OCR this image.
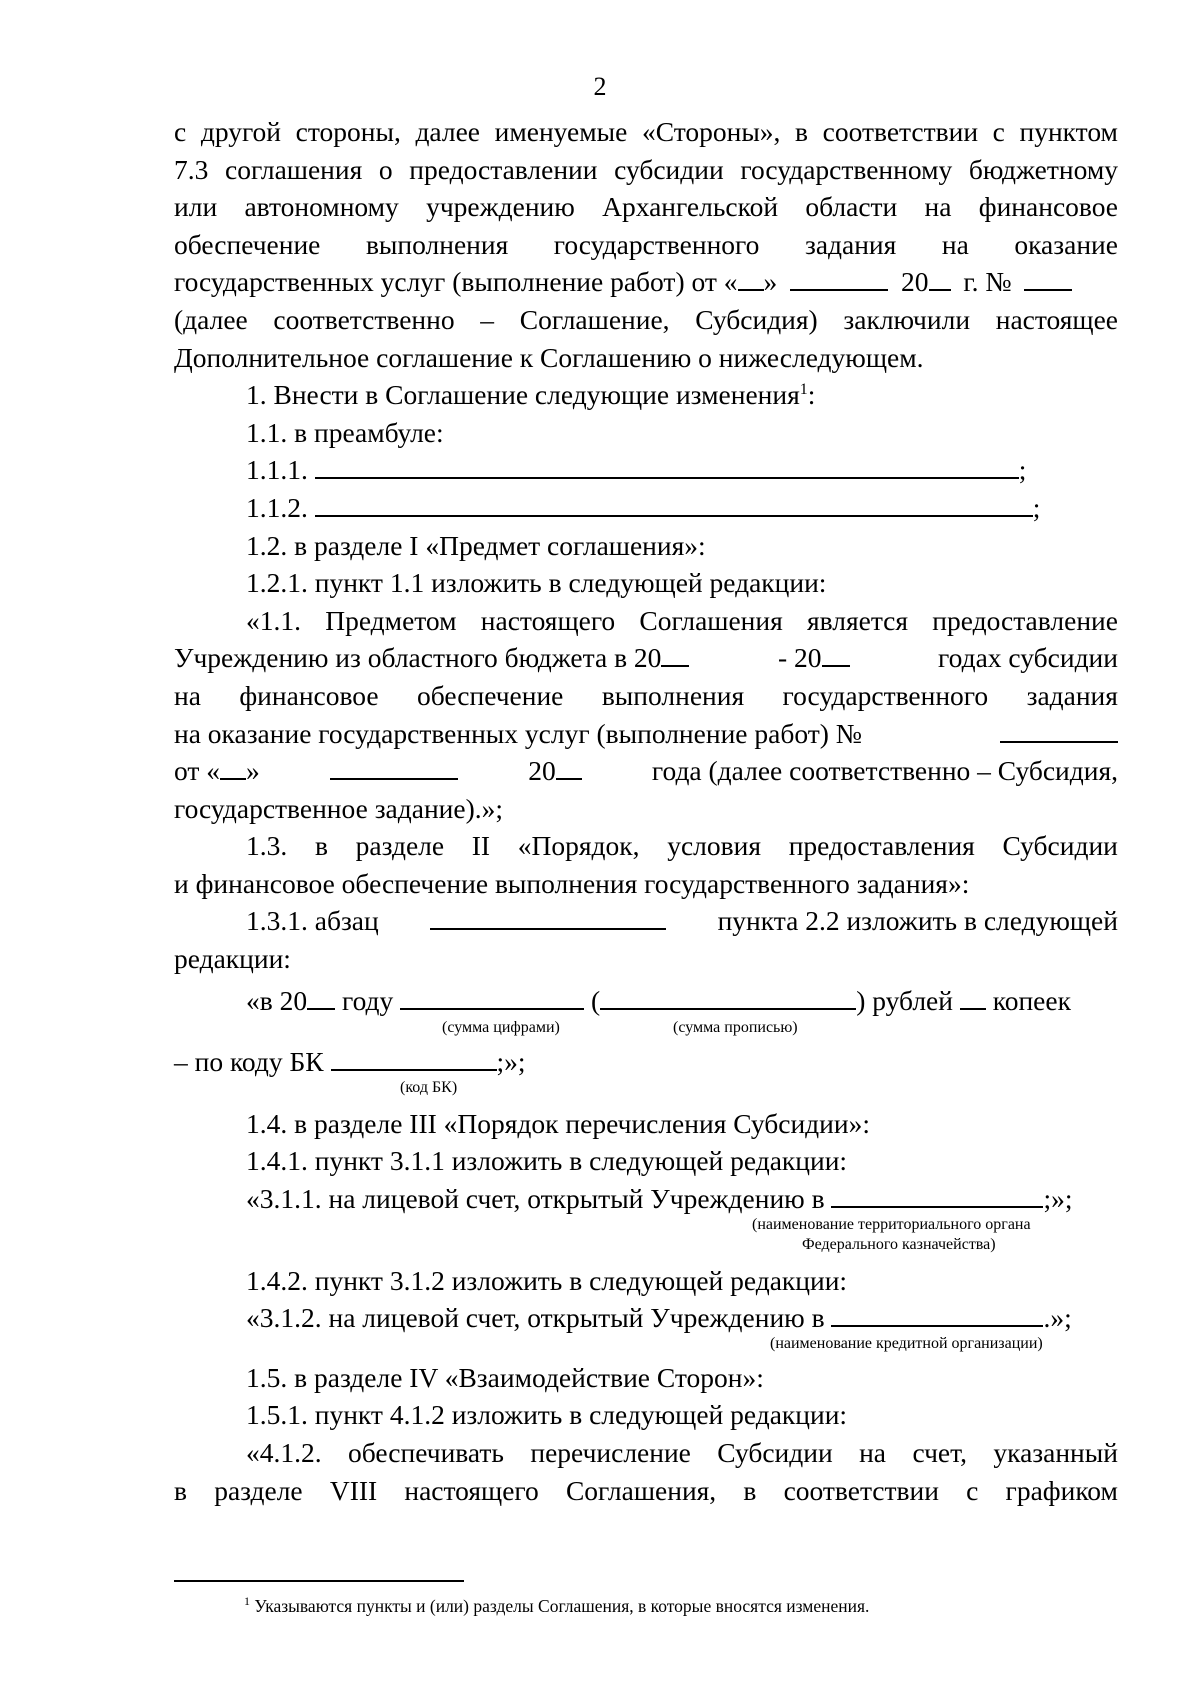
2
с другой стороны, далее именуемые «Стороны», в соответствии с пунктом
7.3 соглашения о предоставлении субсидии государственному бюджетному
или автономному учреждению Архангельской области на финансовое
обеспечение выполнения государственного задания на оказание
государственных услуг (выполнение работ) от « »	20 г. №
(далее соответственно – Соглашение, Субсидия) заключили настоящее
Дополнительное соглашение к Соглашению о нижеследующем.
1. Внести в Соглашение следующие изменения$^1$:
1.1. в преамбуле:
1.1.1.	;
1.1.2.	;
1.2. в разделе I «Предмет соглашения»:
1.2.1. пункт 1.1 изложить в следующей редакции:
«1.1. Предметом настоящего Соглашения является предоставление
Учреждению из областного бюджета в 20	- 20	годах субсидии
на финансовое обеспечение выполнения государственного задания
на оказание государственных услуг (выполнение работ) №
от « »	20	года (далее соответственно – Субсидия,
государственное задание).»;
1.3. в разделе II «Порядок, условия предоставления Субсидии
и финансовое обеспечение выполнения государственного задания»:
1.3.1. абзац	пункта 2.2 изложить в следующей
редакции:
«в 20 году	(	) рублей копеек
(сумма цифрами)	(сумма прописью)
– по коду БК	;»;
(код БК)
1.4. в разделе III «Порядок перечисления Субсидии»:
1.4.1. пункт 3.1.1 изложить в следующей редакции:
«3.1.1. на лицевой счет, открытый Учреждению в	;»;
(наименование территориального органа
Федерального казначейства)
1.4.2. пункт 3.1.2 изложить в следующей редакции:
«3.1.2. на лицевой счет, открытый Учреждению в	.»;
(наименование кредитной организации)
1.5. в разделе IV «Взаимодействие Сторон»:
1.5.1. пункт 4.1.2 изложить в следующей редакции:
«4.1.2. обеспечивать перечисление Субсидии на счет, указанный
в разделе VIII настоящего Соглашения, в соответствии с графиком
$^1$ Указываются пункты и (или) разделы Соглашения, в которые вносятся изменения.
